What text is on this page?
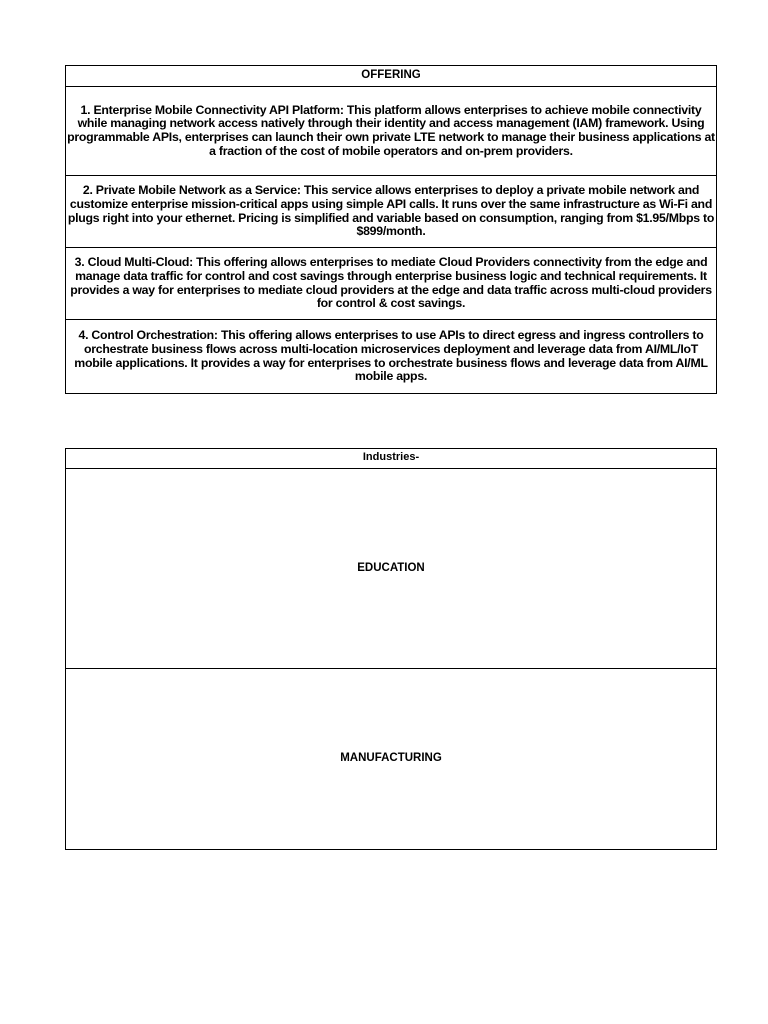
OFFERING
1. Enterprise Mobile Connectivity API Platform: This platform allows enterprises to achieve mobile connectivity while managing network access natively through their identity and access management (IAM) framework. Using programmable APIs, enterprises can launch their own private LTE network to manage their business applications at a fraction of the cost of mobile operators and on-prem providers.
2. Private Mobile Network as a Service: This service allows enterprises to deploy a private mobile network and customize enterprise mission-critical apps using simple API calls. It runs over the same infrastructure as Wi-Fi and plugs right into your ethernet. Pricing is simplified and variable based on consumption, ranging from $1.95/Mbps to $899/month.
3. Cloud Multi-Cloud: This offering allows enterprises to mediate Cloud Providers connectivity from the edge and manage data traffic for control and cost savings through enterprise business logic and technical requirements. It provides a way for enterprises to mediate cloud providers at the edge and data traffic across multi-cloud providers for control & cost savings.
4. Control Orchestration: This offering allows enterprises to use APIs to direct egress and ingress controllers to orchestrate business flows across multi-location microservices deployment and leverage data from AI/ML/IoT mobile applications. It provides a way for enterprises to orchestrate business flows and leverage data from AI/ML mobile apps.
Industries-
EDUCATION
MANUFACTURING
